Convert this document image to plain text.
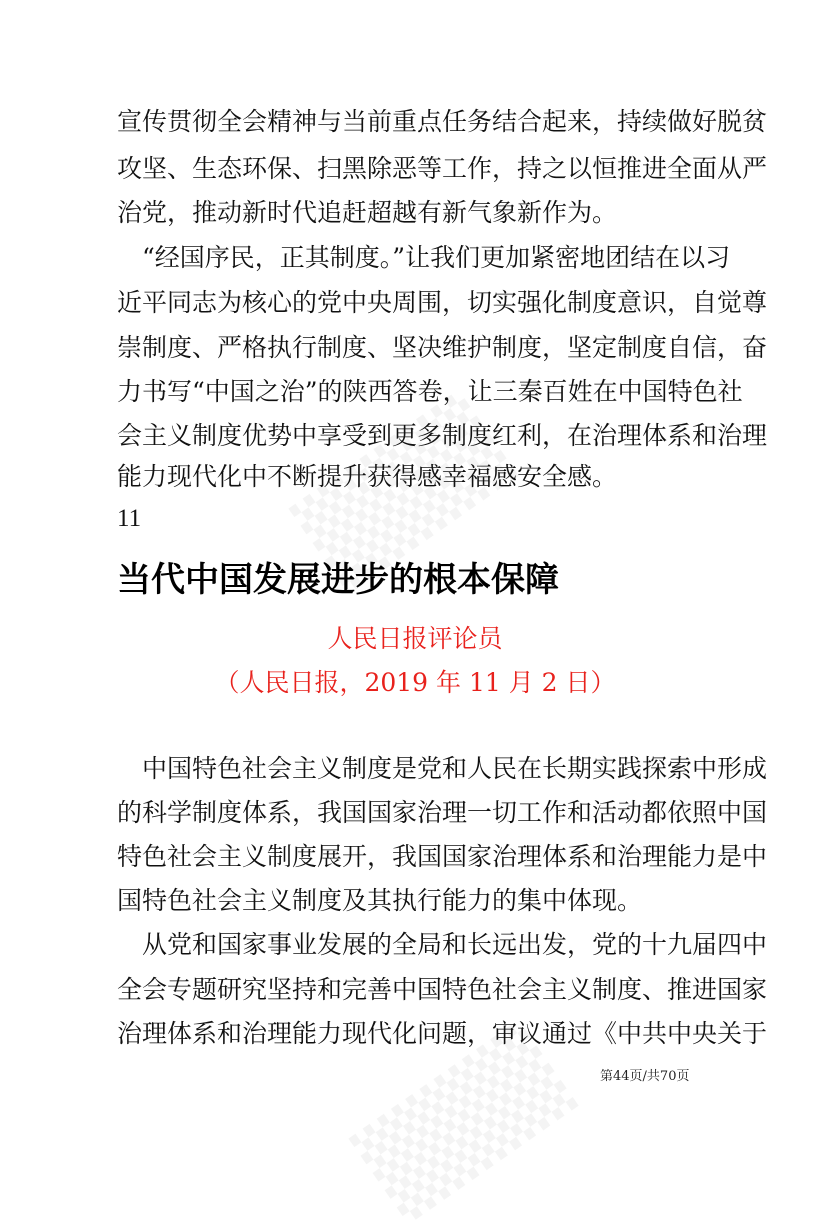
宣传贯彻全会精神与当前重点任务结合起来，持续做好脱贫
攻坚、生态环保、扫黑除恶等工作，持之以恒推进全面从严
治党，推动新时代追赶超越有新气象新作为。
　“经国序民，正其制度。”让我们更加紧密地团结在以习
近平同志为核心的党中央周围，切实强化制度意识，自觉尊
崇制度、严格执行制度、坚决维护制度，坚定制度自信，奋
力书写“中国之治”的陕西答卷，让三秦百姓在中国特色社
会主义制度优势中享受到更多制度红利，在治理体系和治理
能力现代化中不断提升获得感幸福感安全感。
11
当代中国发展进步的根本保障
人民日报评论员
（人民日报，2019 年 11 月 2 日）
　中国特色社会主义制度是党和人民在长期实践探索中形成
的科学制度体系，我国国家治理一切工作和活动都依照中国
特色社会主义制度展开，我国国家治理体系和治理能力是中
国特色社会主义制度及其执行能力的集中体现。
　从党和国家事业发展的全局和长远出发，党的十九届四中
全会专题研究坚持和完善中国特色社会主义制度、推进国家
治理体系和治理能力现代化问题，审议通过《中共中央关于
第44页/共70页
